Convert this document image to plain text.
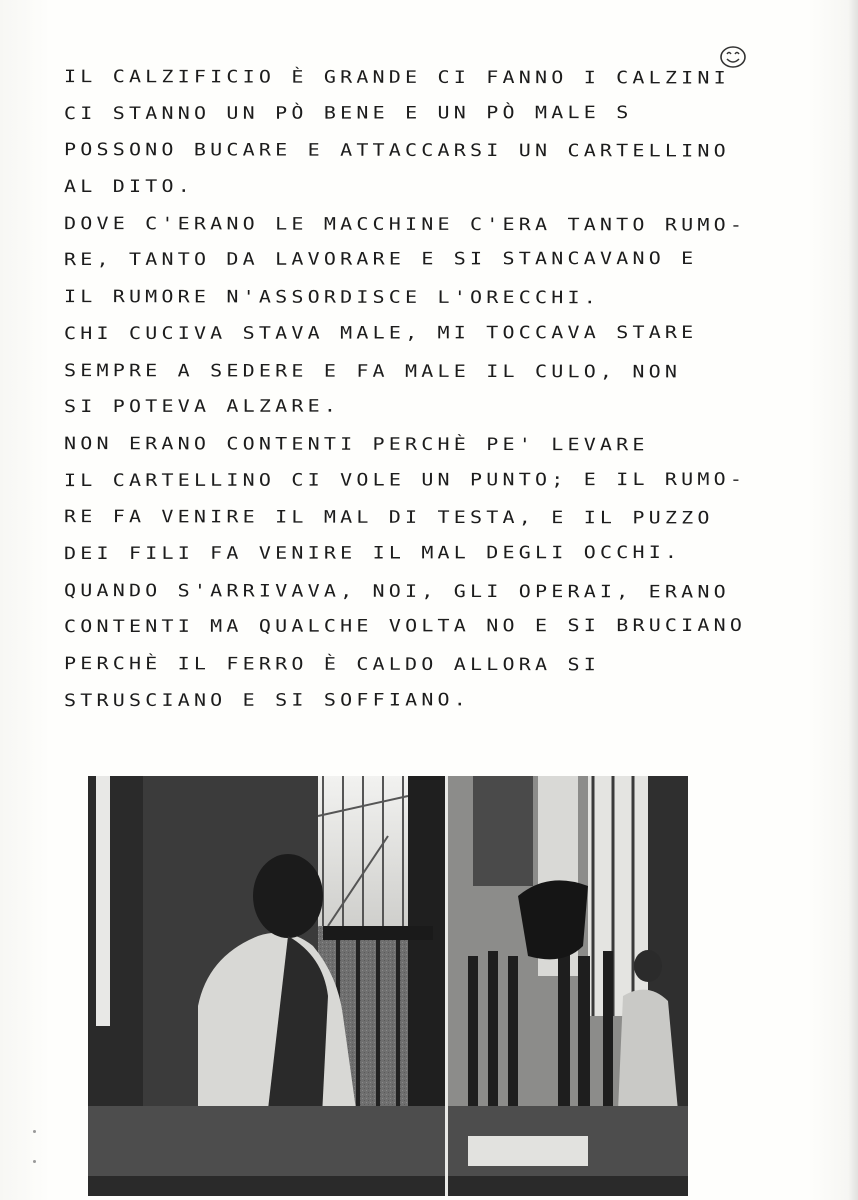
IL CALZIFICIO È GRANDE CI FANNO I CALZINI
CI STANNO UN PÒ BENE E UN PÒ MALE S
POSSONO BUCARE E ATTACCARSI UN CARTELLINO
AL DITO.
DOVE C'ERANO LE MACCHINE C'ERA TANTO RUMO-
RE, TANTO DA LAVORARE E SI STANCAVANO E
IL RUMORE N'ASSORDISCE L'ORECCHI.
CHI CUCIVA STAVA MALE, MI TOCCAVA STARE
SEMPRE A SEDERE E FA MALE IL CULO, NON
SI POTEVA ALZARE.
NON ERANO CONTENTI PERCHÈ PE' LEVARE
IL CARTELLINO CI VOLE UN PUNTO; E IL RUMO-
RE FA VENIRE IL MAL DI TESTA, E IL PUZZO
DEI FILI FA VENIRE IL MAL DEGLI OCCHI.
QUANDO S'ARRIVAVA, NOI, GLI OPERAI, ERANO
CONTENTI MA QUALCHE VOLTA NO E SI BRUCIANO
PERCHÈ IL FERRO È CALDO ALLORA SI
STRUSCIANO E SI SOFFIANO.
